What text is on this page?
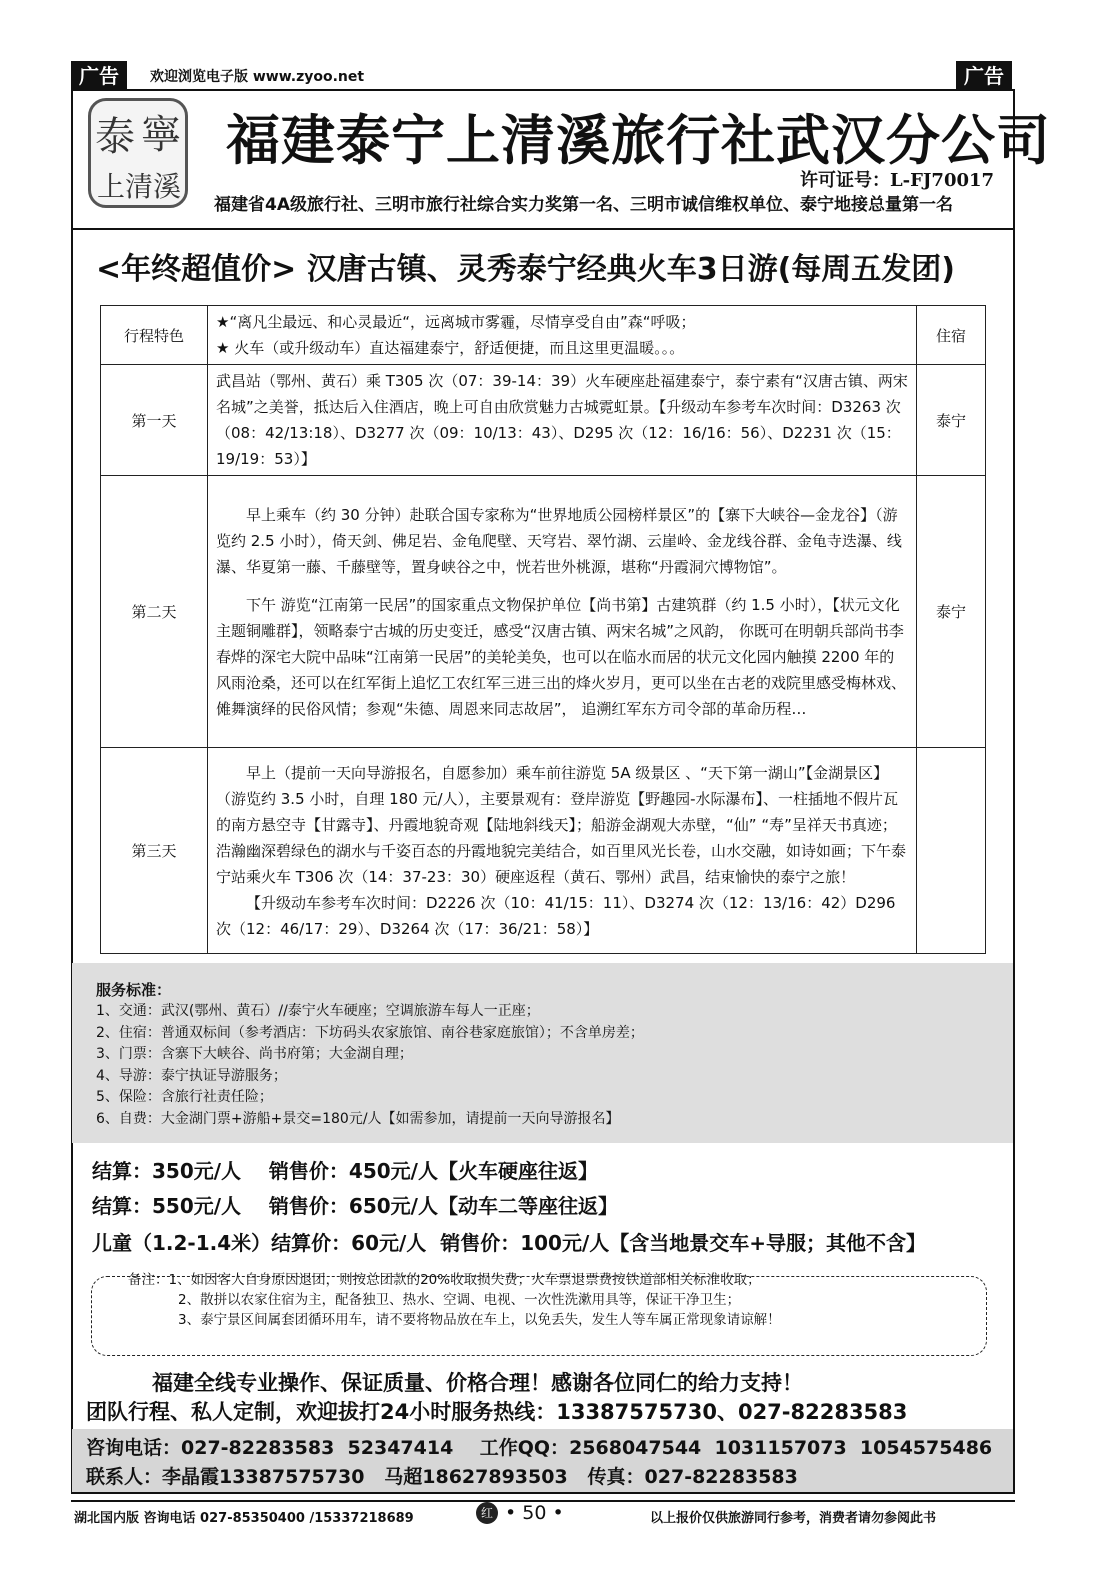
广告	欢迎浏览电子版 www.zyoo.net	广告
泰 寧
上清溪
福建泰宁上清溪旅行社武汉分公司
许可证号：L-FJ70017
福建省4A级旅行社、三明市旅行社综合实力奖第一名、三明市诚信维权单位、泰宁地接总量第一名
<年终超值价> 汉唐古镇、灵秀泰宁经典火车3日游(每周五发团)
行程特色	★“离凡尘最远、和心灵最近“，远离城市雾霾，尽情享受自由”森“呼吸；

★ 火车（或升级动车）直达福建泰宁，舒适便捷，而且这里更温暖。。。	住宿
第一天	武昌站（鄂州、黄石）乘 T305 次（07：39-14：39）火车硬座赴福建泰宁，泰宁素有“汉唐古镇、两宋名城”之美誉，抵达后入住酒店，晚上可自由欣赏魅力古城霓虹景。【升级动车参考车次时间：D3263 次（08：42/13:18）、D3277 次（09：10/13：43）、D295 次（12：16/16：56）、D2231 次（15：19/19：53）】	泰宁
第二天	早上乘车（约 30 分钟）赴联合国专家称为“世界地质公园榜样景区”的【寨下大峡谷—金龙谷】（游览约 2.5 小时），倚天剑、佛足岩、金龟爬壁、天穹岩、翠竹湖、云崖岭、金龙线谷群、金龟寺迭瀑、线瀑、华夏第一藤、千藤壁等，置身峡谷之中，恍若世外桃源，堪称“丹霞洞穴博物馆”。

下午 游览“江南第一民居”的国家重点文物保护单位【尚书第】古建筑群（约 1.5 小时），【状元文化主题铜雕群】，领略泰宁古城的历史变迁，感受“汉唐古镇、两宋名城”之风韵， 你既可在明朝兵部尚书李春烨的深宅大院中品味“江南第一民居”的美轮美奂，也可以在临水而居的状元文化园内触摸 2200 年的风雨沧桑，还可以在红军街上追忆工农红军三进三出的烽火岁月，更可以坐在古老的戏院里感受梅林戏、傩舞演绎的民俗风情；参观“朱德、周恩来同志故居”， 追溯红军东方司令部的革命历程…	泰宁
第三天	早上（提前一天向导游报名，自愿参加）乘车前往游览 5A 级景区 、“天下第一湖山”【金湖景区】（游览约 3.5 小时，自理 180 元/人），主要景观有：登岸游览【野趣园-水际瀑布】、一柱插地不假片瓦的南方悬空寺【甘露寺】、丹霞地貌奇观【陆地斜线天】；船游金湖观大赤壁，“仙” “寿”呈祥天书真迹；浩瀚幽深碧绿色的湖水与千姿百态的丹霞地貌完美结合，如百里风光长卷，山水交融，如诗如画；下午泰宁站乘火车 T306 次（14：37-23：30）硬座返程（黄石、鄂州）武昌，结束愉快的泰宁之旅！

【升级动车参考车次时间：D2226 次（10：41/15：11）、D3274 次（12：13/16：42）D296 次（12：46/17：29）、D3264 次（17：36/21：58）】	

服务标准：
1、交通：武汉(鄂州、黄石）//泰宁火车硬座；空调旅游车每人一正座；
2、住宿：普通双标间（参考酒店：下坊码头农家旅馆、南谷巷家庭旅馆）；不含单房差；
3、门票：含寨下大峡谷、尚书府第；大金湖自理；
4、导游：泰宁执证导游服务；
5、保险：含旅行社责任险；
6、自费：大金湖门票+游船+景交=180元/人【如需参加，请提前一天向导游报名】
结算：350元/人    销售价：450元/人【火车硬座往返】
结算：550元/人    销售价：650元/人【动车二等座往返】
儿童（1.2-1.4米）结算价：60元/人  销售价：100元/人【含当地景交车+导服；其他不含】
备注：1、如因客人自身原因退团，则按总团款的20%收取损失费；火车票退票费按铁道部相关标准收取；
2、散拼以农家住宿为主，配备独卫、热水、空调、电视、一次性洗漱用具等，保证干净卫生；
3、泰宁景区间属套团循环用车，请不要将物品放在车上，以免丢失，发生人等车属正常现象请谅解！
福建全线专业操作、保证质量、价格合理！感谢各位同仁的给力支持！
团队行程、私人定制，欢迎拔打24小时服务热线：13387575730、027-82283583
咨询电话：027-82283583  52347414    工作QQ：2568047544  1031157073  1054575486
联系人：李晶霞13387575730   马超18627893503   传真：027-82283583
湖北国内版 咨询电话 027-85350400 /15337218689	红 • 50 •	以上报价仅供旅游同行参考，消费者请勿参阅此书
